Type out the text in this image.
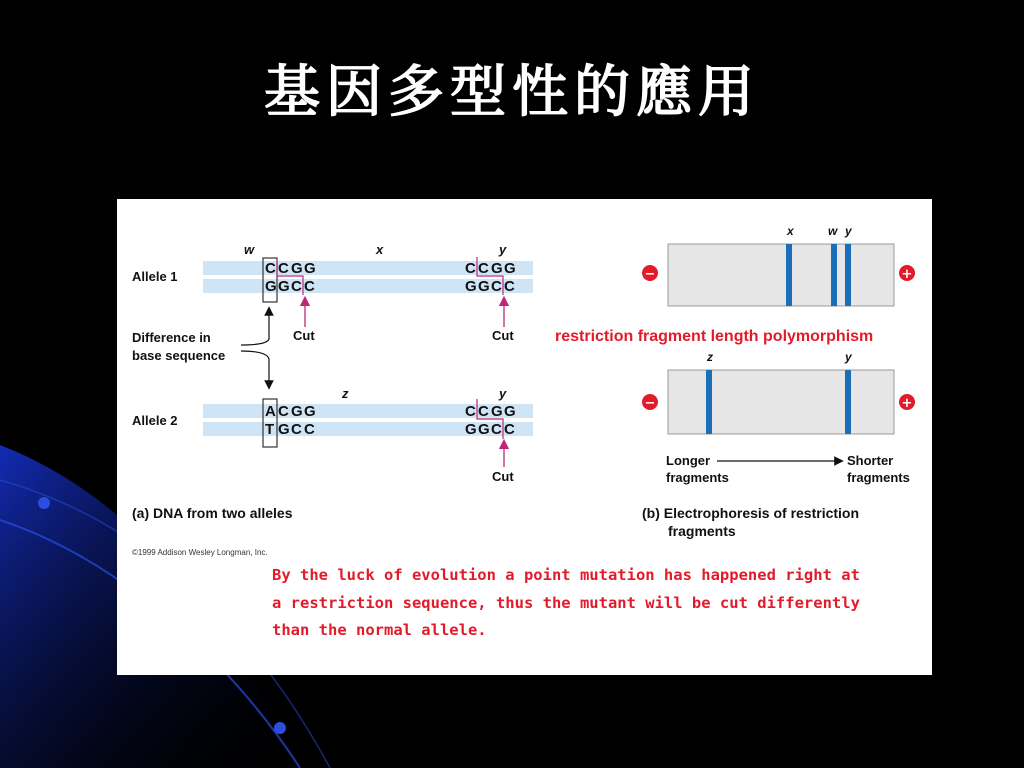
基因多型性的應用
Allele 1
w	x	y
C C G G
G G C C
C C G G
G G C C
Cut	Cut
Difference in
base sequence
Allele 2
z	y
A C G G
T G C C
C C G G
G G C C
Cut
(a) DNA from two alleles
©1999 Addison Wesley Longman, Inc.
x	w y
−	+
restriction fragment length polymorphism
z	y
−	+
Longer
fragments
Shorter
fragments
(b) Electrophoresis of restriction
fragments
By the luck of evolution a point mutation has happened right at
a restriction sequence, thus the mutant will be cut differently
than the normal allele.
